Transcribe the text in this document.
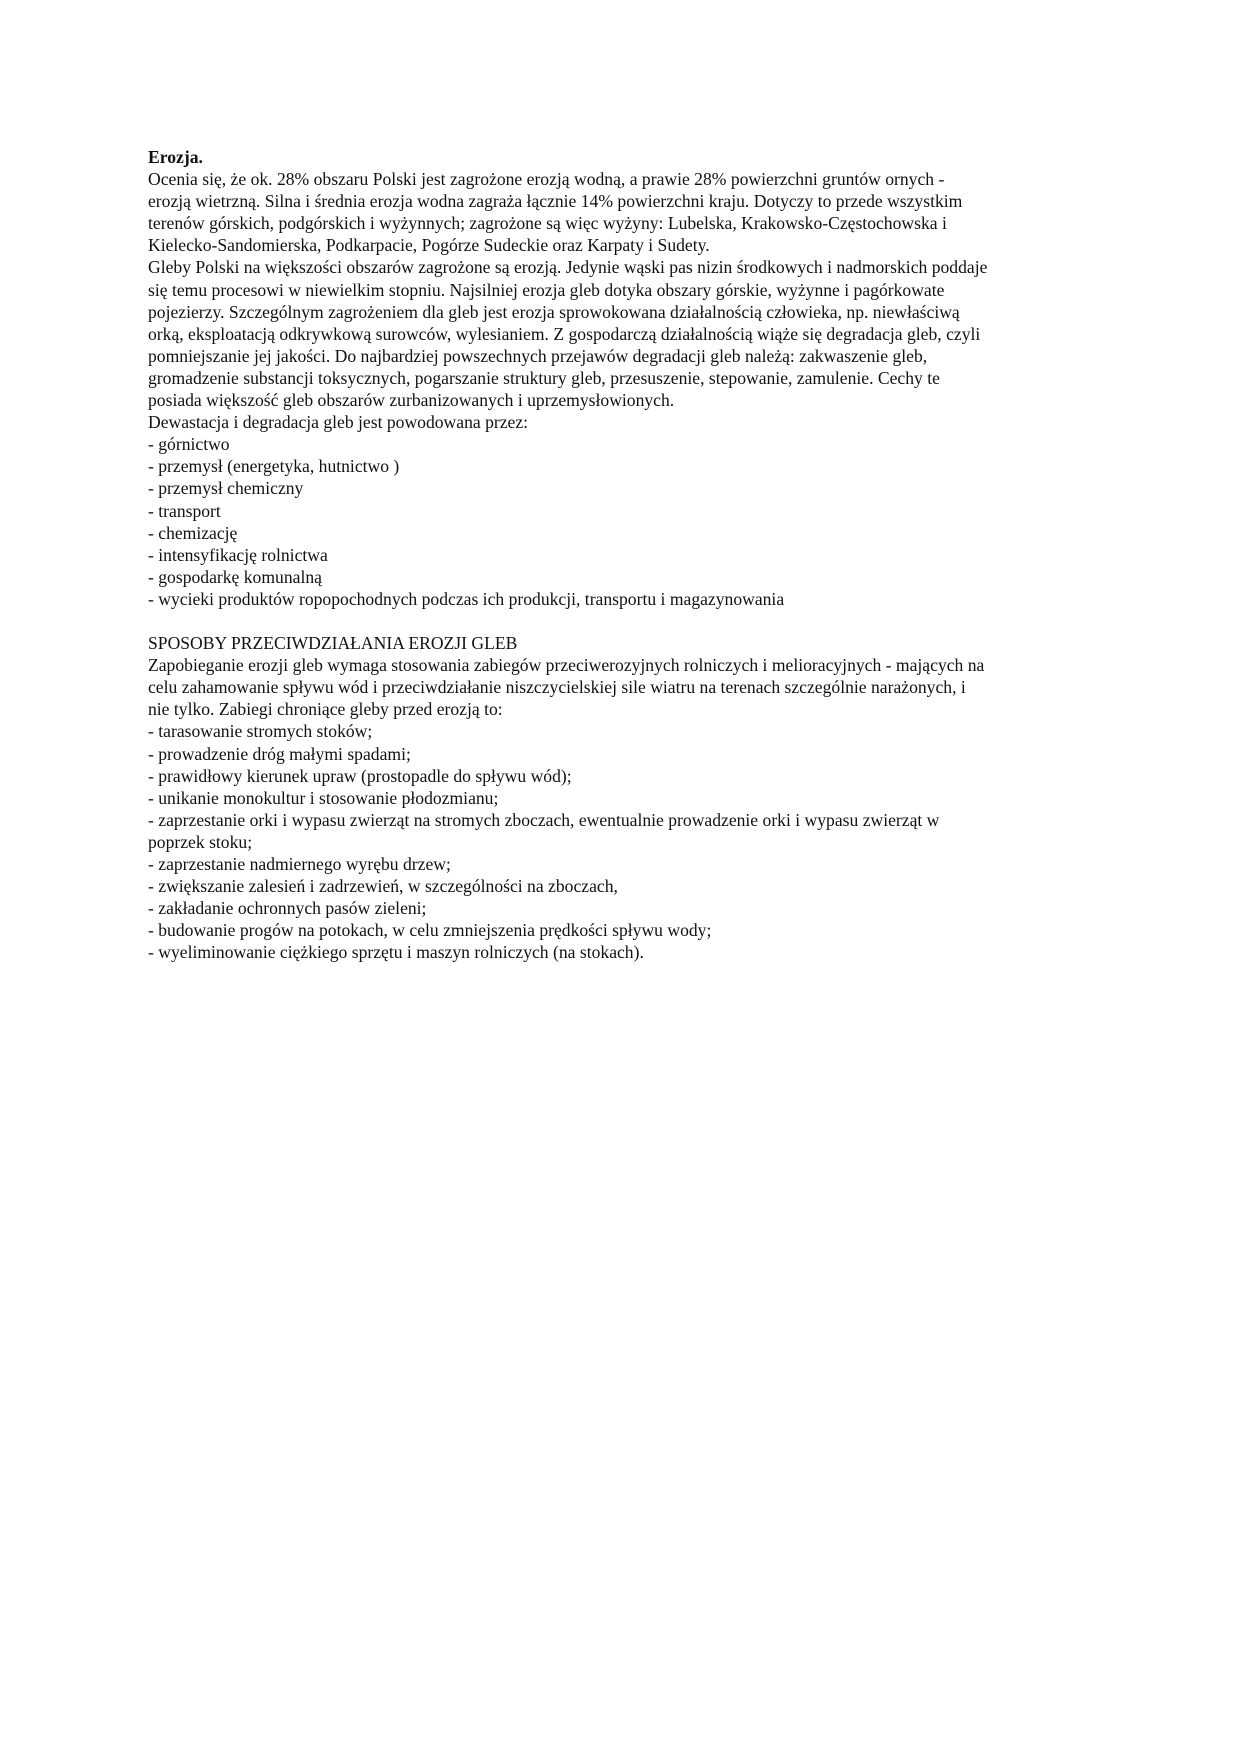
Erozja.
Ocenia się, że ok. 28% obszaru Polski jest zagrożone erozją wodną, a prawie 28% powierzchni gruntów ornych -
erozją wietrzną. Silna i średnia erozja wodna zagraża łącznie 14% powierzchni kraju. Dotyczy to przede wszystkim
terenów górskich, podgórskich i wyżynnych; zagrożone są więc wyżyny: Lubelska, Krakowsko-Częstochowska i
Kielecko-Sandomierska, Podkarpacie, Pogórze Sudeckie oraz Karpaty i Sudety.
Gleby Polski na większości obszarów zagrożone są erozją. Jedynie wąski pas nizin środkowych i nadmorskich poddaje
się temu procesowi w niewielkim stopniu. Najsilniej erozja gleb dotyka obszary górskie, wyżynne i pagórkowate
pojezierzy. Szczególnym zagrożeniem dla gleb jest erozja sprowokowana działalnością człowieka, np. niewłaściwą
orką, eksploatacją odkrywkową surowców, wylesianiem. Z gospodarczą działalnością wiąże się degradacja gleb, czyli
pomniejszanie jej jakości. Do najbardziej powszechnych przejawów degradacji gleb należą: zakwaszenie gleb,
gromadzenie substancji toksycznych, pogarszanie struktury gleb, przesuszenie, stepowanie, zamulenie. Cechy te
posiada większość gleb obszarów zurbanizowanych i uprzemysłowionych.
Dewastacja i degradacja gleb jest powodowana przez:
- górnictwo
- przemysł (energetyka, hutnictwo )
- przemysł chemiczny
- transport
- chemizację
- intensyfikację rolnictwa
- gospodarkę komunalną
- wycieki produktów ropopochodnych podczas ich produkcji, transportu i magazynowania
SPOSOBY PRZECIWDZIAŁANIA EROZJI GLEB
Zapobieganie erozji gleb wymaga stosowania zabiegów przeciwerozyjnych rolniczych i melioracyjnych - mających na
celu zahamowanie spływu wód i przeciwdziałanie niszczycielskiej sile wiatru na terenach szczególnie narażonych, i
nie tylko. Zabiegi chroniące gleby przed erozją to:
- tarasowanie stromych stoków;
- prowadzenie dróg małymi spadami;
- prawidłowy kierunek upraw (prostopadle do spływu wód);
- unikanie monokultur i stosowanie płodozmianu;
- zaprzestanie orki i wypasu zwierząt na stromych zboczach, ewentualnie prowadzenie orki i wypasu zwierząt w
poprzek stoku;
- zaprzestanie nadmiernego wyrębu drzew;
- zwiększanie zalesień i zadrzewień, w szczególności na zboczach,
- zakładanie ochronnych pasów zieleni;
- budowanie progów na potokach, w celu zmniejszenia prędkości spływu wody;
- wyeliminowanie ciężkiego sprzętu i maszyn rolniczych (na stokach).
